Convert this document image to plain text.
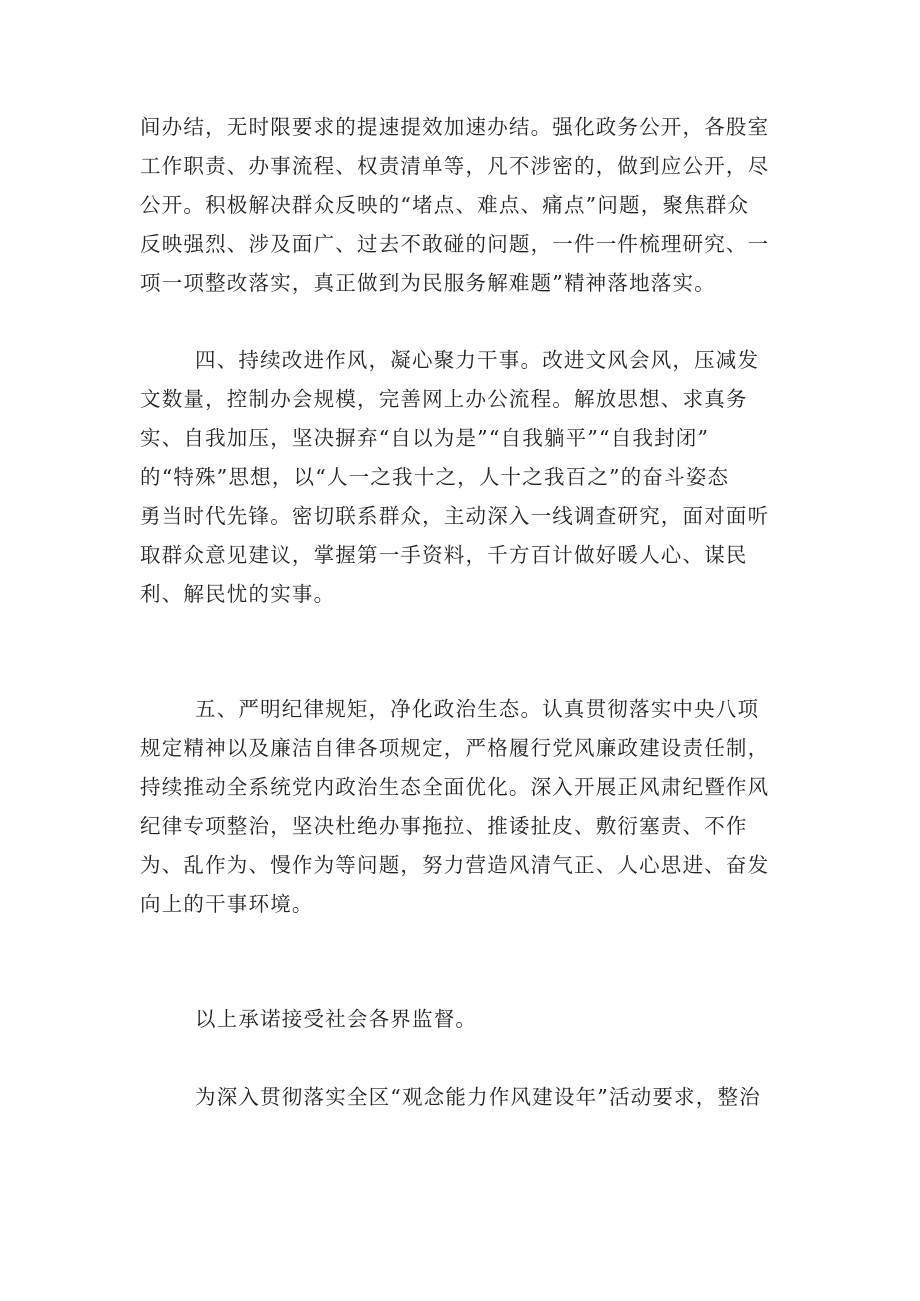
间办结，无时限要求的提速提效加速办结。强化政务公开，各股室
工作职责、办事流程、权责清单等，凡不涉密的，做到应公开，尽
公开。积极解决群众反映的“堵点、难点、痛点”问题，聚焦群众
反映强烈、涉及面广、过去不敢碰的问题，一件一件梳理研究、一
项一项整改落实，真正做到为民服务解难题”精神落地落实。
四、持续改进作风，凝心聚力干事。改进文风会风，压减发
文数量，控制办会规模，完善网上办公流程。解放思想、求真务
实、自我加压，坚决摒弃“自以为是”“自我躺平”“自我封闭”
的“特殊”思想，以“人一之我十之，人十之我百之”的奋斗姿态
勇当时代先锋。密切联系群众，主动深入一线调查研究，面对面听
取群众意见建议，掌握第一手资料，千方百计做好暖人心、谋民
利、解民忧的实事。
五、严明纪律规矩，净化政治生态。认真贯彻落实中央八项
规定精神以及廉洁自律各项规定，严格履行党风廉政建设责任制，
持续推动全系统党内政治生态全面优化。深入开展正风肃纪暨作风
纪律专项整治，坚决杜绝办事拖拉、推诿扯皮、敷衍塞责、不作
为、乱作为、慢作为等问题，努力营造风清气正、人心思进、奋发
向上的干事环境。
以上承诺接受社会各界监督。
为深入贯彻落实全区“观念能力作风建设年”活动要求，整治
